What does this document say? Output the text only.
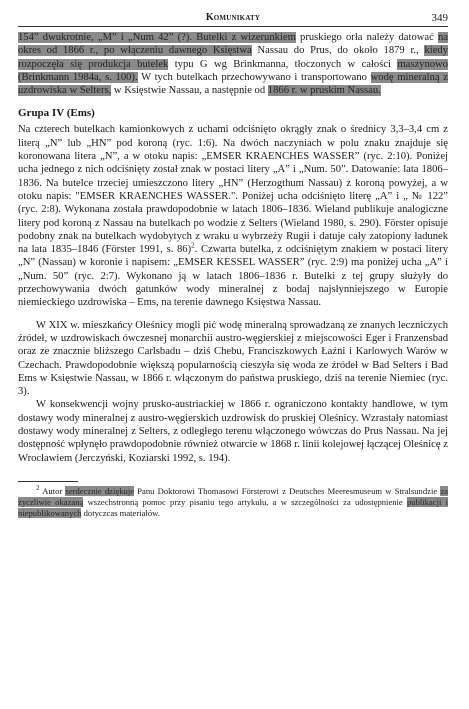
Komunikaty	349

154” dwukrotnie, „M” i „Num 42” (?). Butelki z wizerunkiem pruskiego orła należy datować na okres od 1866 r., po włączeniu dawnego Księstwa Nassau do Prus, do około 1879 r., kiedy rozpoczęła się produkcja butelek typu G wg Brinkmanna, tłoczonych w całości maszynowo (Brinkmann 1984a, s. 100). W tych butelkach przechowywano i transportowano wodę mineralną z uzdrowiska w Selters, w Księstwie Nassau, a następnie od 1866 r. w pruskim Nassau.

Grupa IV (Ems)

Na czterech butelkach kamionkowych z uchami odciśnięto okrągły znak o średnicy 3,3–3,4 cm z literą „N” lub „HN” pod koroną (ryc. 1:6). Na dwóch naczyniach w polu znaku znajduje się koronowana litera „N”, a w otoku napis: „EMSER KRAENCHES WASSER” (ryc. 2:10). Poniżej ucha jednego z nich odciśnięty został znak w postaci litery „A” i „Num. 50”. Datowanie: lata 1806–1836. Na butelce trzeciej umieszczono litery „HN” (Herzogthum Nassau) z koroną powyżej, a w otoku napis: "EMSER KRAENCHES WASSER.". Poniżej ucha odciśnięto literę „A” i „ № 122” (ryc. 2:8). Wykonana została prawdopodobnie w latach 1806–1836. Wieland publikuje analogiczne litery pod koroną z Nassau na butelkach po wodzie z Selters (Wieland 1980, s. 290). Förster opisuje podobny znak na butelkach wydobytych z wraku u wybrzeży Rugii i datuje cały zatopiony ładunek na lata 1835–1846 (Förster 1991, s. 86)$^2$. Czwarta butelka, z odciśniętym znakiem w postaci litery „N” (Nassau) w koronie i napisem: „EMSER KESSEL WASSER” (ryc. 2:9) ma poniżej ucha „A” i „Num. 50” (ryc. 2:7). Wykonano ją w latach 1806–1836 r. Butelki z tej grupy służyły do przechowywania dwóch gatunków wody mineralnej z bodaj najsłynniejszego w Europie niemieckiego uzdrowiska – Ems, na terenie dawnego Księstwa Nassau.

W XIX w. mieszkańcy Oleśnicy mogli pić wodę mineralną sprowadzaną ze znanych leczniczych źródeł, w uzdrowiskach ówczesnej monarchii austro-węgierskiej z miejscowości Eger i Franzensbad oraz ze znacznie bliższego Carlsbadu – dziś Chebu, Franciszkowych Łaźni i Karlowych Warów w Czechach. Prawdopodobnie większą popularnością cieszyła się woda ze źródeł w Bad Selters i Bad Ems w Księstwie Nassau, w 1866 r. włączonym do państwa pruskiego, dziś na terenie Niemiec (ryc. 3).

W konsekwencji wojny prusko-austriackiej w 1866 r. ograniczono kontakty handlowe, w tym dostawy wody mineralnej z austro-węgierskich uzdrowisk do pruskiej Oleśnicy. Wzrastały natomiast dostawy wody mineralnej z Selters, z odległego terenu włączonego wówczas do Prus Nassau. Na jej dostępność wpłynęło prawdopodobnie również otwarcie w 1868 r. linii kolejowej łączącej Oleśnicę z Wrocławiem (Jerczyński, Koziarski 1992, s. 194).

$^2$ Autor serdecznie dziękuje Panu Doktorowi Thomasowi Försterowi z Deutsches Meeresmuseum w Stralsundzie za życzliwie okazaną wszechstronną pomoc przy pisaniu tego artykułu, a w szczególności za udostępnienie publikacji i niepublikowanych dotyczcas materiałów.
